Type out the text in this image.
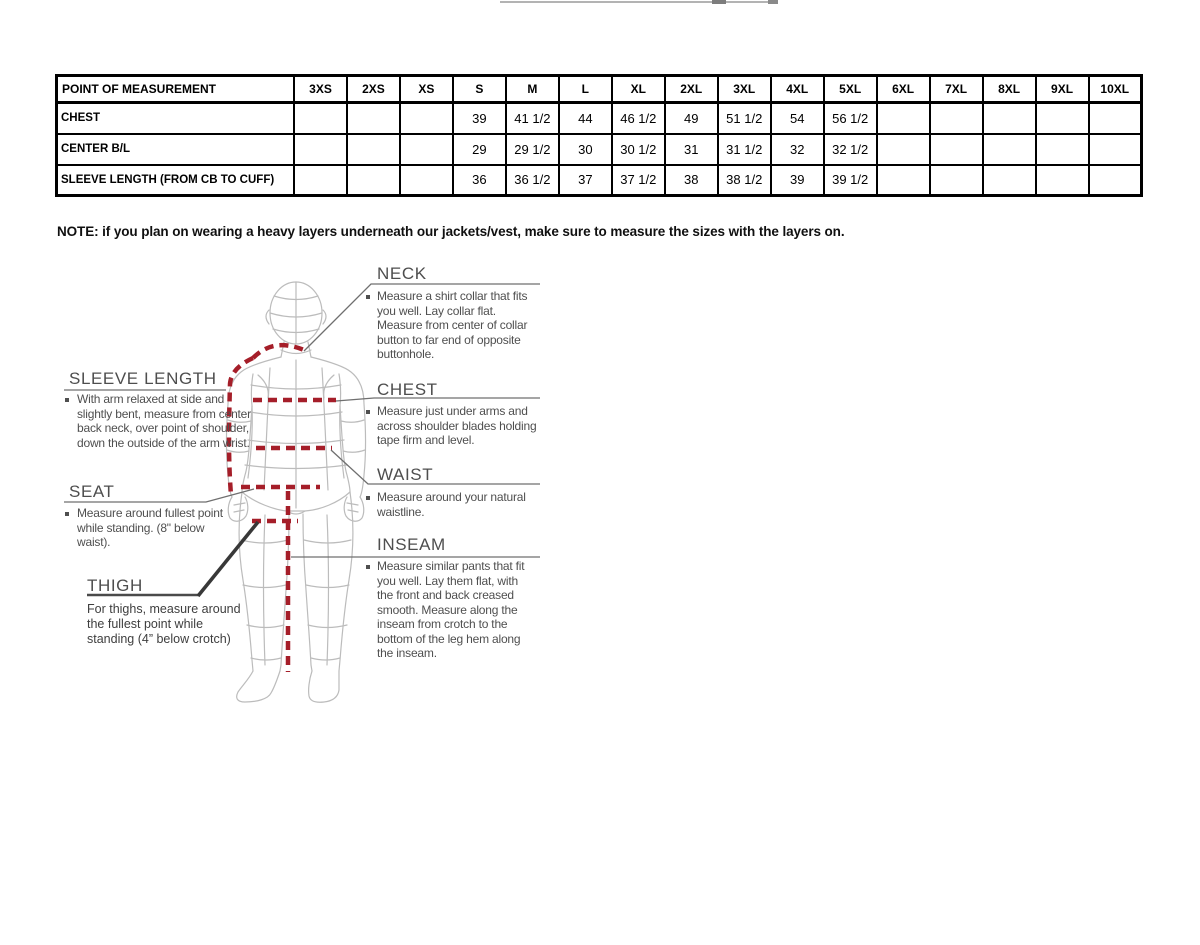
POINT OF MEASUREMENT	3XS	2XS	XS	S	M	L	XL	2XL	3XL	4XL	5XL	6XL	7XL	8XL	9XL	10XL
CHEST				39	41 1/2	44	46 1/2	49	51 1/2	54	56 1/2					
CENTER B/L				29	29 1/2	30	30 1/2	31	31 1/2	32	32 1/2					
SLEEVE LENGTH (FROM CB TO CUFF)				36	36 1/2	37	37 1/2	38	38 1/2	39	39 1/2					
NOTE: if you plan on wearing a heavy layers underneath our jackets/vest, make sure to measure the sizes with the layers on.
NECK
Measure a shirt collar that fits you well. Lay collar flat. Measure from center of collar button to far end of opposite buttonhole.
CHEST
Measure just under arms and across shoulder blades holding tape firm and level.
WAIST
Measure around your natural waistline.
INSEAM
Measure similar pants that fit you well. Lay them flat, with the front and back creased smooth. Measure along the inseam from crotch to the bottom of the leg hem along the inseam.
SLEEVE LENGTH
With arm relaxed at side and slightly bent, measure from center back neck, over point of shoulder, down the outside of the arm wrist.
SEAT
Measure around fullest point while standing. (8" below waist).
THIGH
For thighs, measure around the fullest point while standing (4” below crotch)
